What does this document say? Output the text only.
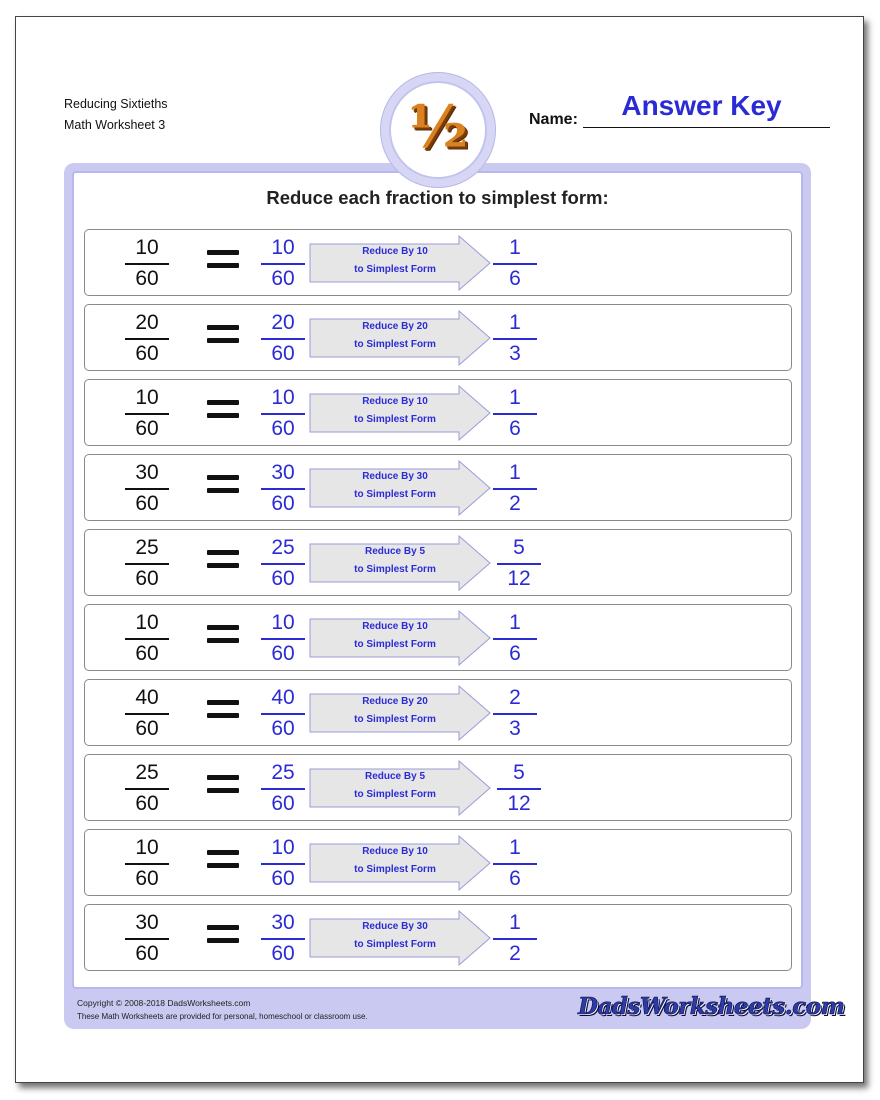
Reducing Sixtieths
Math Worksheet 3	Name:	Answer Key
½
Reduce each fraction to simplest form:
10
60
10
60
Reduce By 10
to Simplest Form
1
6
20
60
20
60
Reduce By 20
to Simplest Form
1
3
10
60
10
60
Reduce By 10
to Simplest Form
1
6
30
60
30
60
Reduce By 30
to Simplest Form
1
2
25
60
25
60
Reduce By 5
to Simplest Form
5
12
10
60
10
60
Reduce By 10
to Simplest Form
1
6
40
60
40
60
Reduce By 20
to Simplest Form
2
3
25
60
25
60
Reduce By 5
to Simplest Form
5
12
10
60
10
60
Reduce By 10
to Simplest Form
1
6
30
60
30
60
Reduce By 30
to Simplest Form
1
2
Copyright © 2008-2018 DadsWorksheets.com
These Math Worksheets are provided for personal, homeschool or classroom use.	DadsWorksheets.com
